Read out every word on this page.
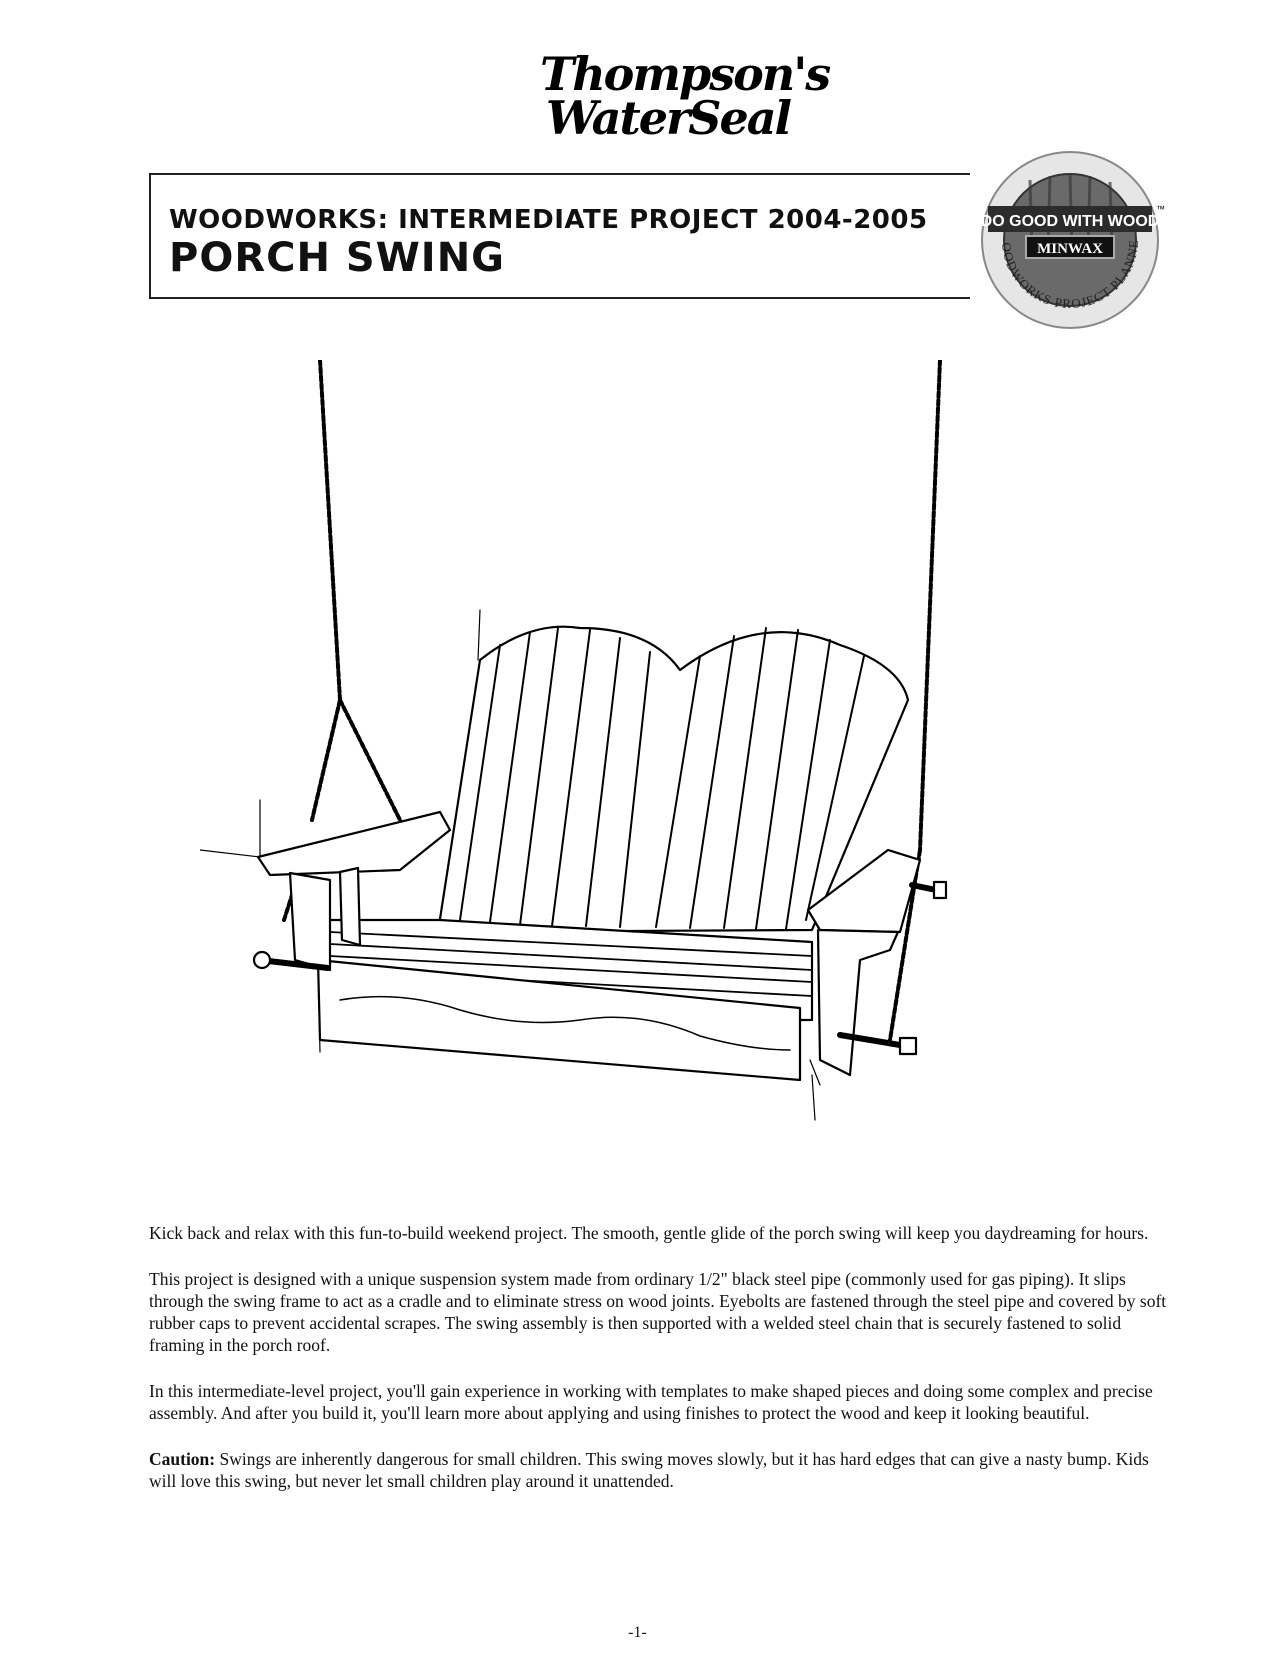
Thompson's
WaterSeal
WOODWORKS: INTERMEDIATE PROJECT 2004-2005
PORCH SWING
DO GOOD WITH WOOD
™
MINWAX
OODWORKS PROJECT PLANNE

Kick back and relax with this fun-to-build weekend project. The smooth, gentle glide of the porch swing will keep you daydreaming for hours.

This project is designed with a unique suspension system made from ordinary 1/2" black steel pipe (commonly used for gas piping). It slips through the swing frame to act as a cradle and to eliminate stress on wood joints. Eyebolts are fastened through the steel pipe and covered by soft rubber caps to prevent accidental scrapes. The swing assembly is then supported with a welded steel chain that is securely fastened to solid framing in the porch roof.

In this intermediate-level project, you'll gain experience in working with templates to make shaped pieces and doing some complex and precise assembly. And after you build it, you'll learn more about applying and using finishes to protect the wood and keep it looking beautiful.

Caution: Swings are inherently dangerous for small children. This swing moves slowly, but it has hard edges that can give a nasty bump. Kids will love this swing, but never let small children play around it unattended.

-1-
